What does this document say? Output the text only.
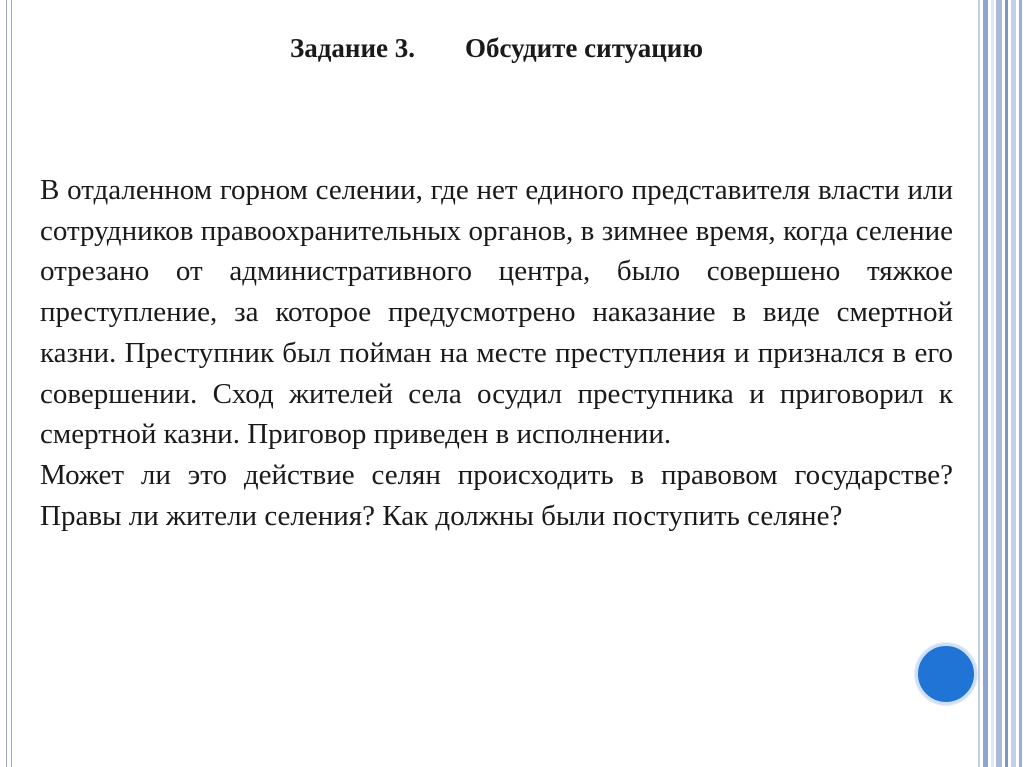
Задание 3. Обсудите ситуацию

В отдаленном горном селении, где нет единого представителя власти или сотрудников правоохранительных органов, в зимнее время, когда селение отрезано от административного центра, было совершено тяжкое преступление, за которое предусмотрено наказание в виде смертной казни. Преступник был пойман на месте преступления и признался в его совершении. Сход жителей села осудил преступника и приговорил к смертной казни. Приговор приведен в исполнении.

Может ли это действие селян происходить в правовом государстве? Правы ли жители селения? Как должны были поступить селяне?
